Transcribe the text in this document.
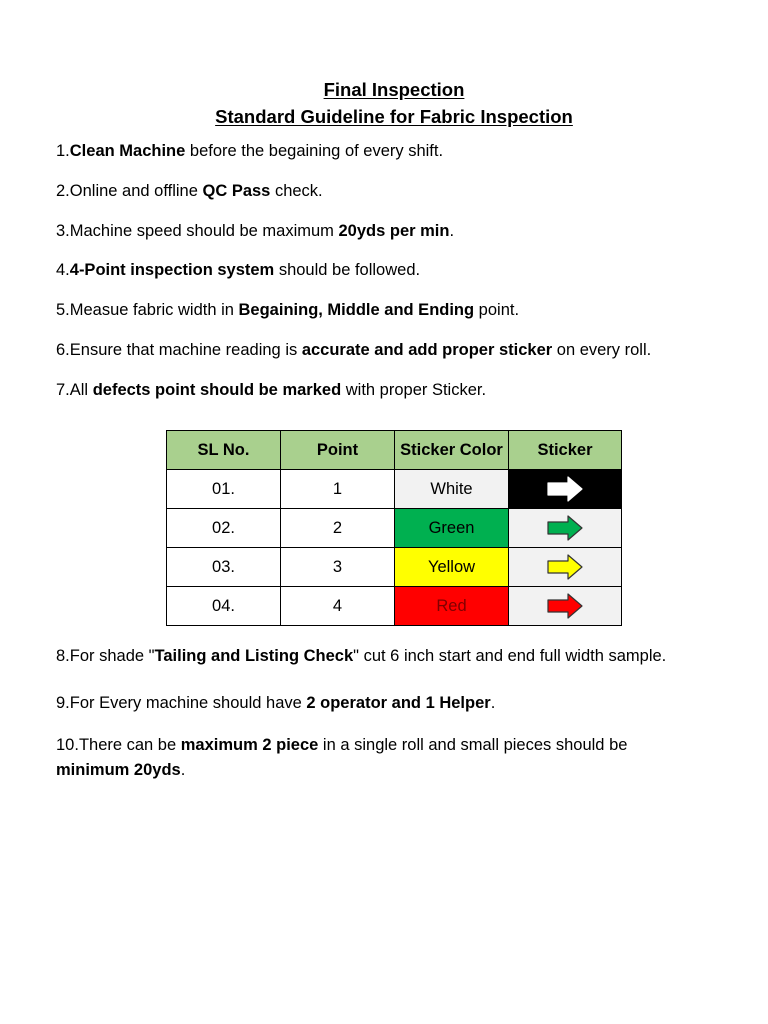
Final Inspection
Standard Guideline for Fabric Inspection
1.Clean Machine before the begaining of every shift.
2.Online and offline QC Pass check.
3.Machine speed should be maximum 20yds per min.
4.4-Point inspection system should be followed.
5.Measue fabric width in Begaining, Middle and Ending point.
6.Ensure that machine reading is accurate and add proper sticker on every roll.
7.All defects point should be marked with proper Sticker.
SL No.	Point	Sticker Color	Sticker
01.	1	White	

02.	2	Green	

03.	3	Yellow	

04.	4	Red	
8.For shade "Tailing and Listing Check" cut 6 inch start and end full width sample.
9.For Every machine should have 2 operator and 1 Helper.
10.There can be maximum 2 piece in a single roll and small pieces should be
minimum 20yds.
